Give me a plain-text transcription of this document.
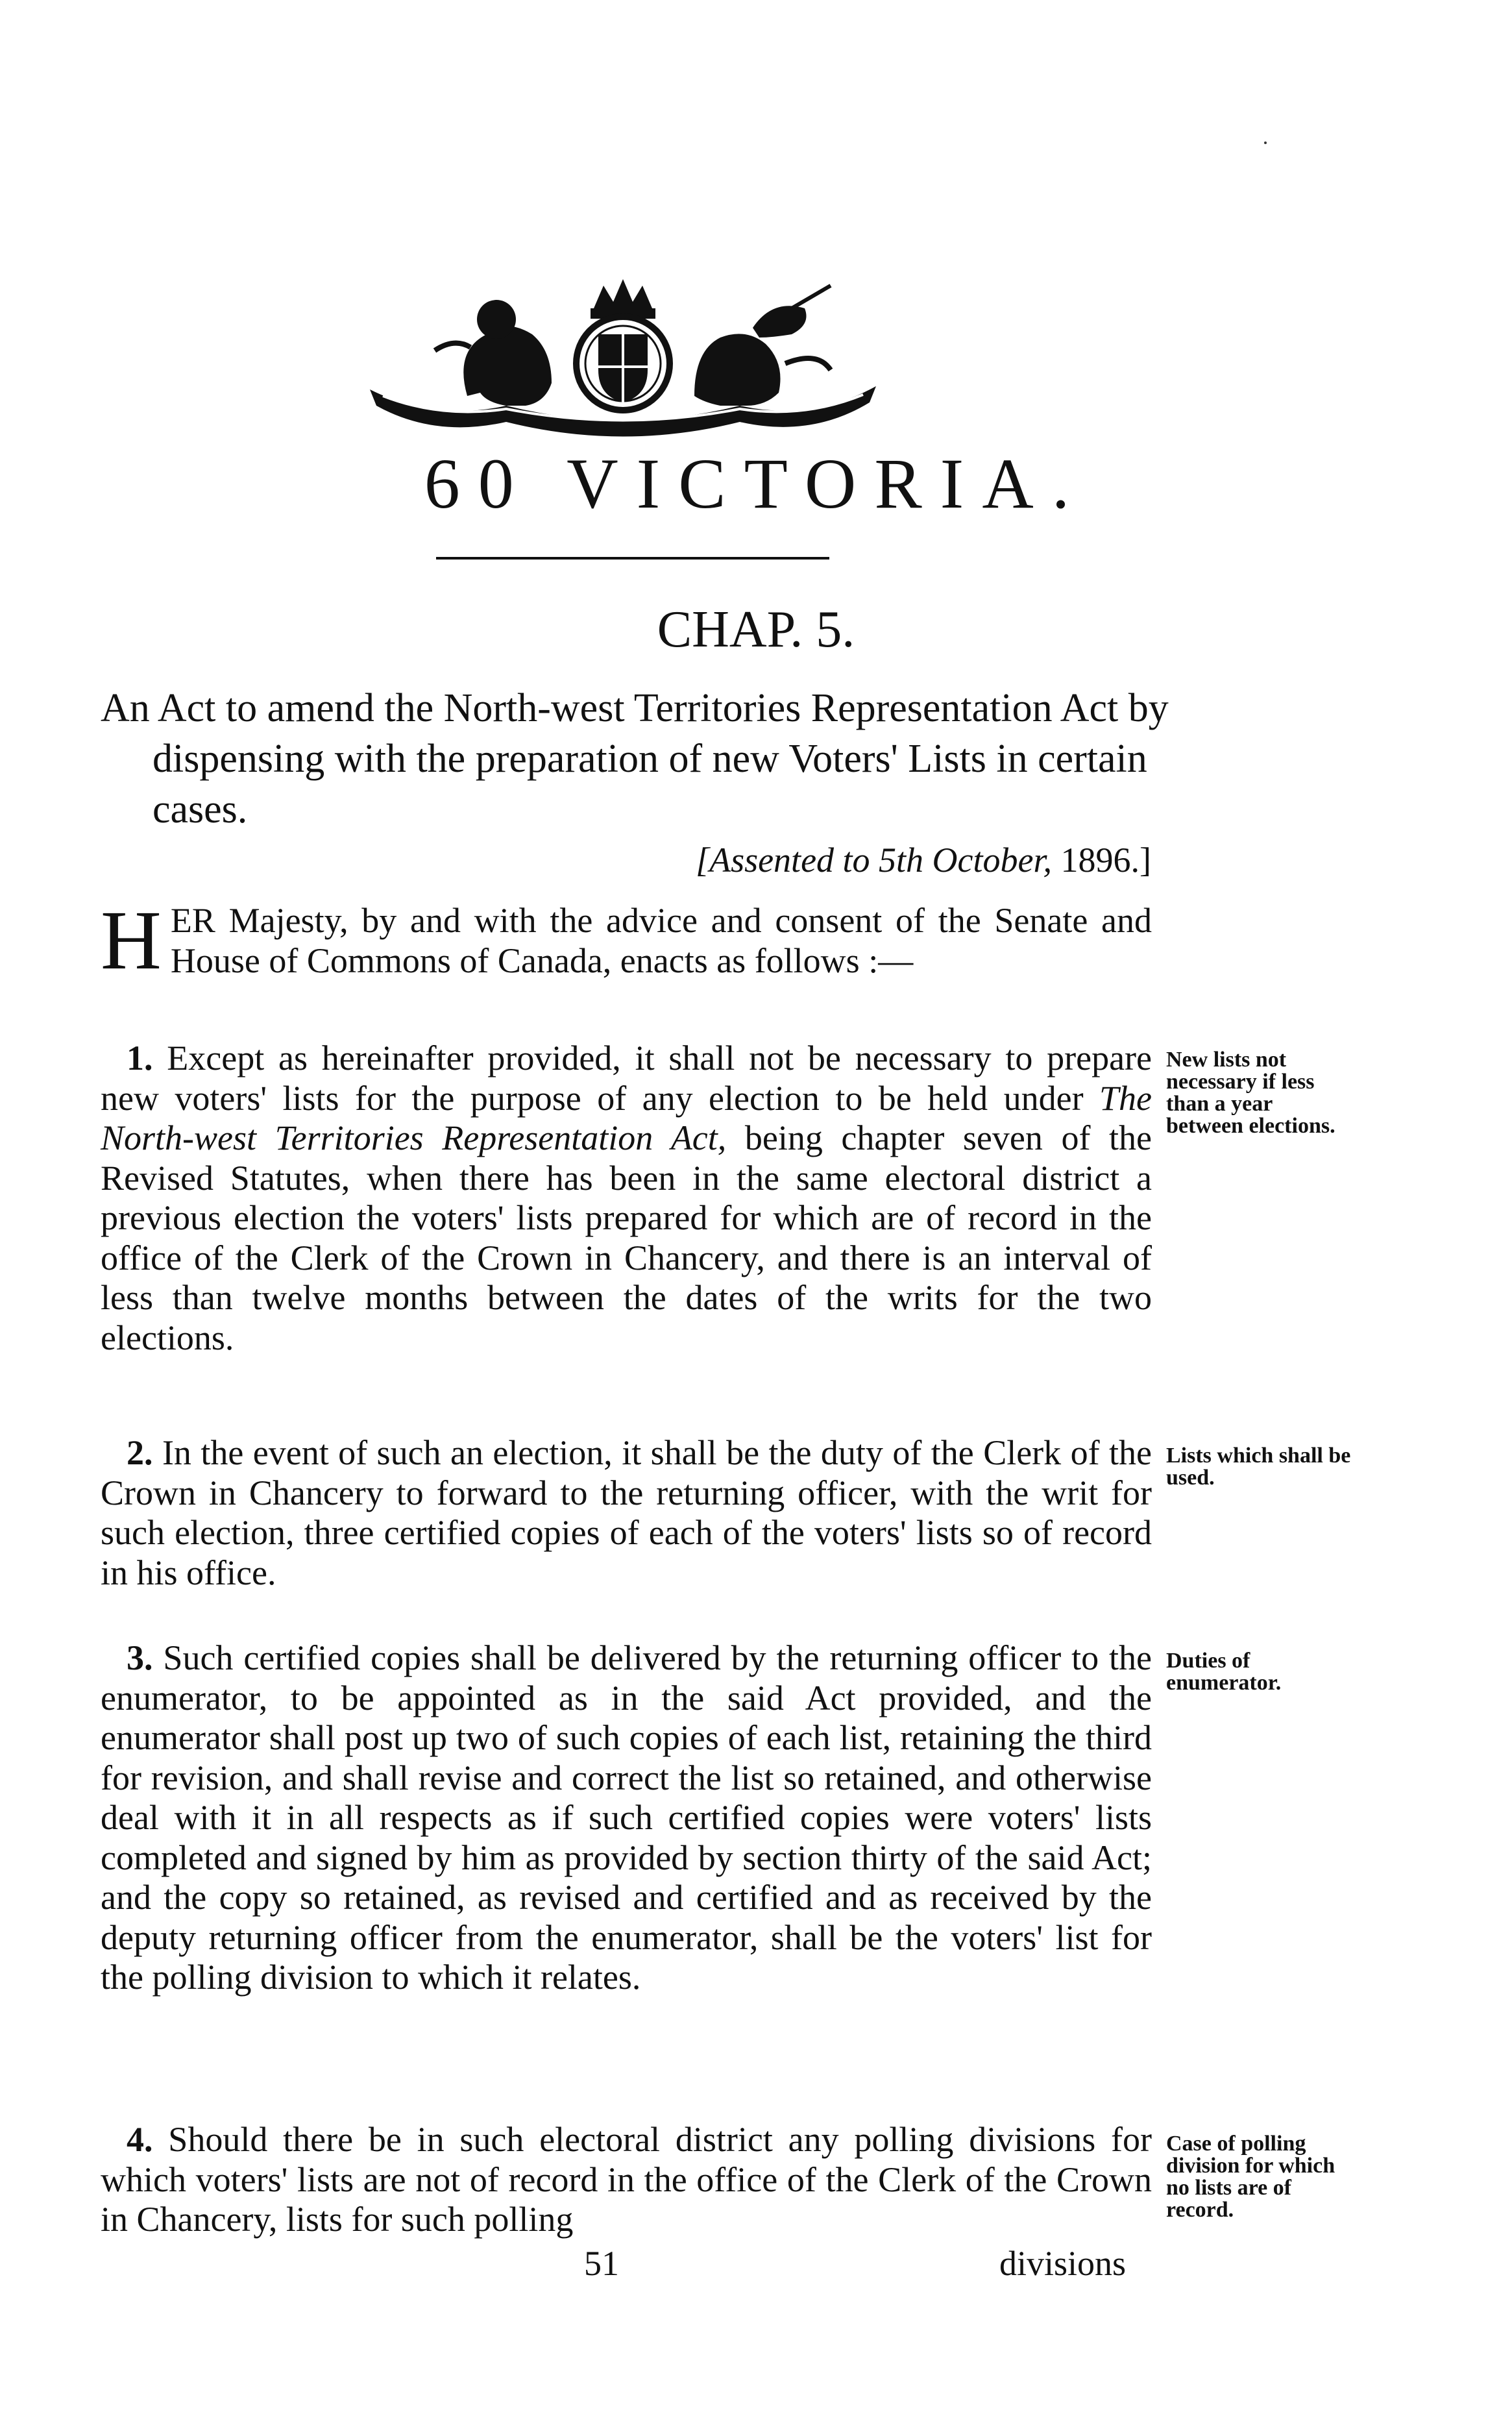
60 VICTORIA.
CHAP. 5.
An Act to amend the North-west Territories Representation Act by dispensing with the preparation of new Voters' Lists in certain cases.
[Assented to 5th October, 1896.]
HER Majesty, by and with the advice and consent of the Senate and House of Commons of Canada, enacts as follows :—
1. Except as hereinafter provided, it shall not be necessary to prepare new voters' lists for the purpose of any election to be held under The North-west Territories Representation Act, being chapter seven of the Revised Statutes, when there has been in the same electoral district a previous election the voters' lists prepared for which are of record in the office of the Clerk of the Crown in Chancery, and there is an interval of less than twelve months between the dates of the writs for the two elections.
New lists not necessary if less than a year between elections.
2. In the event of such an election, it shall be the duty of the Clerk of the Crown in Chancery to forward to the returning officer, with the writ for such election, three certified copies of each of the voters' lists so of record in his office.
Lists which shall be used.
3. Such certified copies shall be delivered by the returning officer to the enumerator, to be appointed as in the said Act provided, and the enumerator shall post up two of such copies of each list, retaining the third for revision, and shall revise and correct the list so retained, and otherwise deal with it in all respects as if such certified copies were voters' lists completed and signed by him as provided by section thirty of the said Act; and the copy so retained, as revised and certified and as received by the deputy returning officer from the enumerator, shall be the voters' list for the polling division to which it relates.
Duties of enumerator.
4. Should there be in such electoral district any polling divisions for which voters' lists are not of record in the office of the Clerk of the Crown in Chancery, lists for such polling
Case of polling division for which no lists are of record.
51	divisions
